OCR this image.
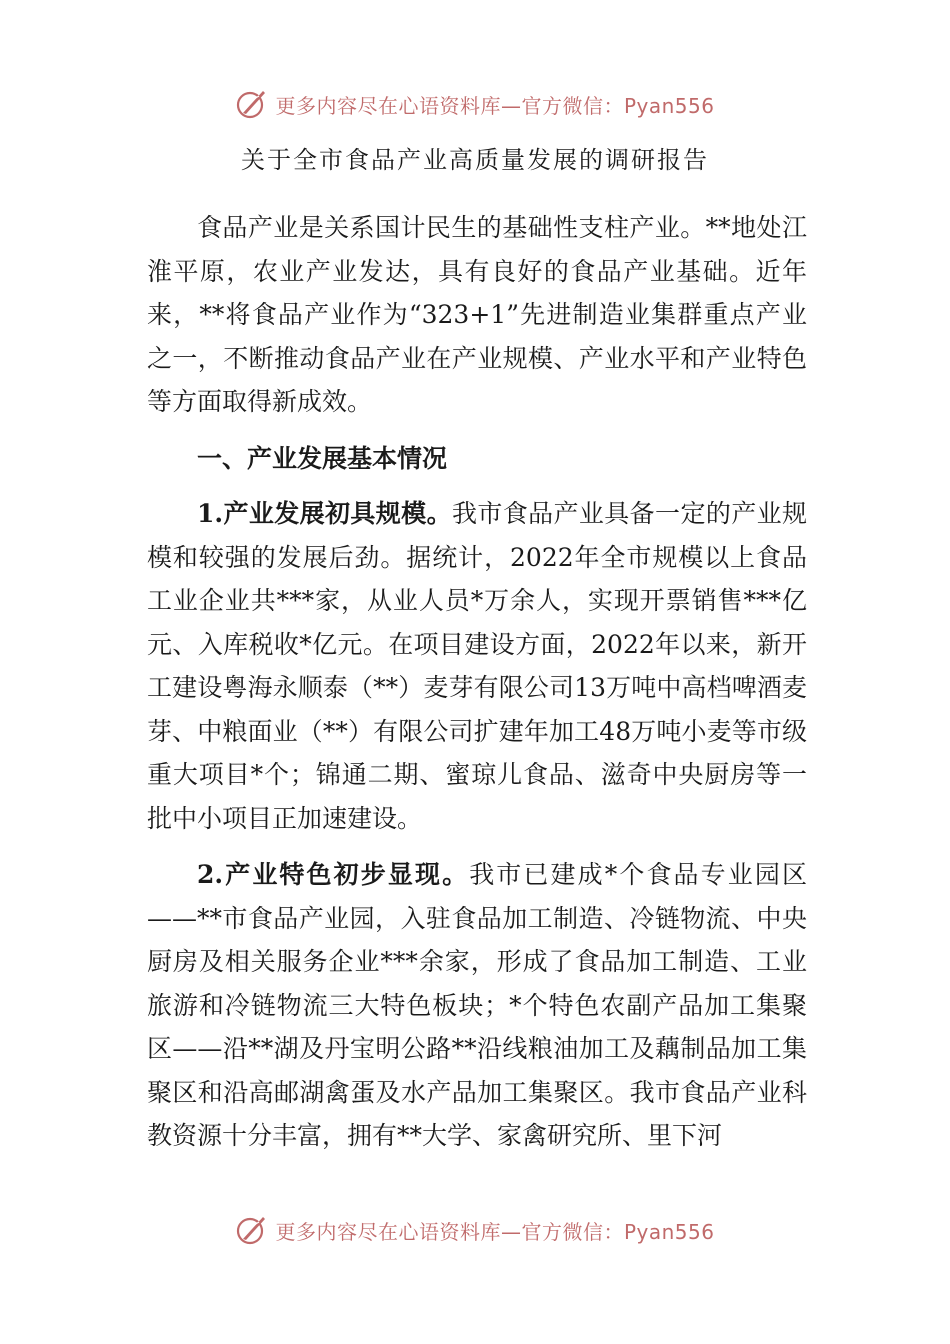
更多内容尽在心语资料库—官方微信：Pyan556
关于全市食品产业高质量发展的调研报告

食品产业是关系国计民生的基础性支柱产业。**地处江淮平原，农业产业发达，具有良好的食品产业基础。近年来，**将食品产业作为“323+1”先进制造业集群重点产业之一，不断推动食品产业在产业规模、产业水平和产业特色等方面取得新成效。

一、产业发展基本情况

1.产业发展初具规模。我市食品产业具备一定的产业规模和较强的发展后劲。据统计，2022年全市规模以上食品工业企业共***家，从业人员*万余人，实现开票销售***亿元、入库税收*亿元。在项目建设方面，2022年以来，新开工建设粤海永顺泰（**）麦芽有限公司13万吨中高档啤酒麦芽、中粮面业（**）有限公司扩建年加工48万吨小麦等市级重大项目*个；锦通二期、蜜琼儿食品、滋奇中央厨房等一批中小项目正加速建设。

2.产业特色初步显现。我市已建成*个食品专业园区——**市食品产业园，入驻食品加工制造、冷链物流、中央厨房及相关服务企业***余家，形成了食品加工制造、工业旅游和冷链物流三大特色板块；*个特色农副产品加工集聚区——沿**湖及丹宝明公路**沿线粮油加工及藕制品加工集聚区和沿高邮湖禽蛋及水产品加工集聚区。我市食品产业科教资源十分丰富，拥有**大学、家禽研究所、里下河

更多内容尽在心语资料库—官方微信：Pyan556
